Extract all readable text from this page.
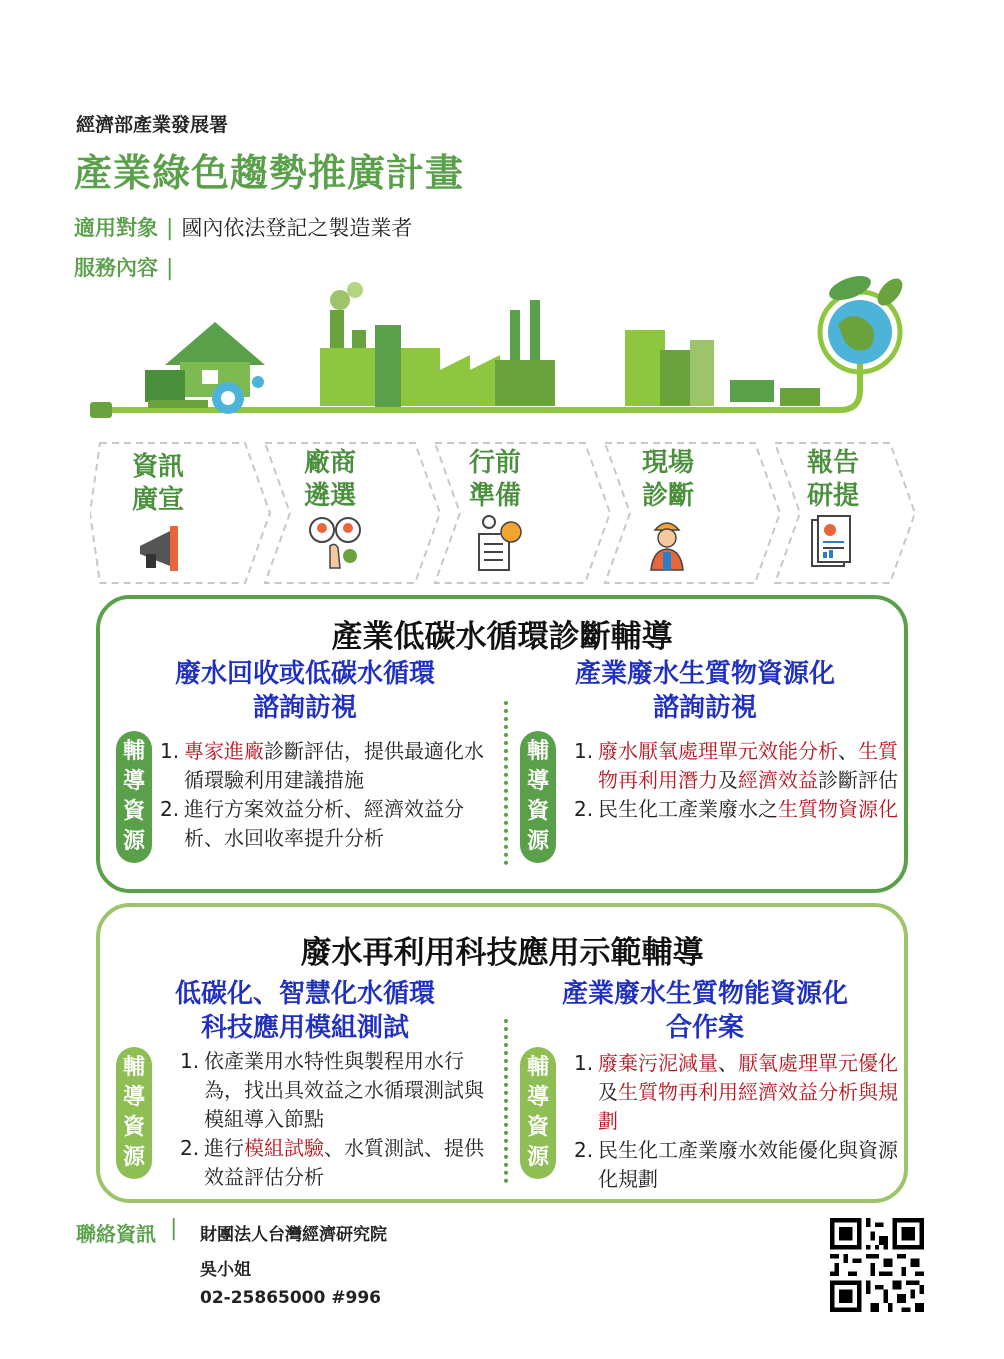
經濟部產業發展署
產業綠色趨勢推廣計畫
適用對象 | 國內依法登記之製造業者
服務內容 |
資訊
廣宣
廠商
遴選
行前
準備
現場
診斷
報告
研提
產業低碳水循環診斷輔導
廢水回收或低碳水循環
諮詢訪視
輔
導
資
源
1. 專家進廠診斷評估，提供最適化水循環驗利用建議措施
2. 進行方案效益分析、經濟效益分析、水回收率提升分析
產業廢水生質物資源化
諮詢訪視
輔
導
資
源
1. 廢水厭氧處理單元效能分析、生質物再利用潛力及經濟效益診斷評估
2. 民生化工產業廢水之生質物資源化
廢水再利用科技應用示範輔導
低碳化、智慧化水循環
科技應用模組測試
輔
導
資
源
1. 依產業用水特性與製程用水行為，找出具效益之水循環測試與模組導入節點
2. 進行模組試驗、水質測試、提供效益評估分析
產業廢水生質物能資源化
合作案
輔
導
資
源
1. 廢棄污泥減量、厭氧處理單元優化及生質物再利用經濟效益分析與規劃
2. 民生化工產業廢水效能優化與資源化規劃
聯絡資訊 | 財團法人台灣經濟研究院
吳小姐
02-25865000 #996
